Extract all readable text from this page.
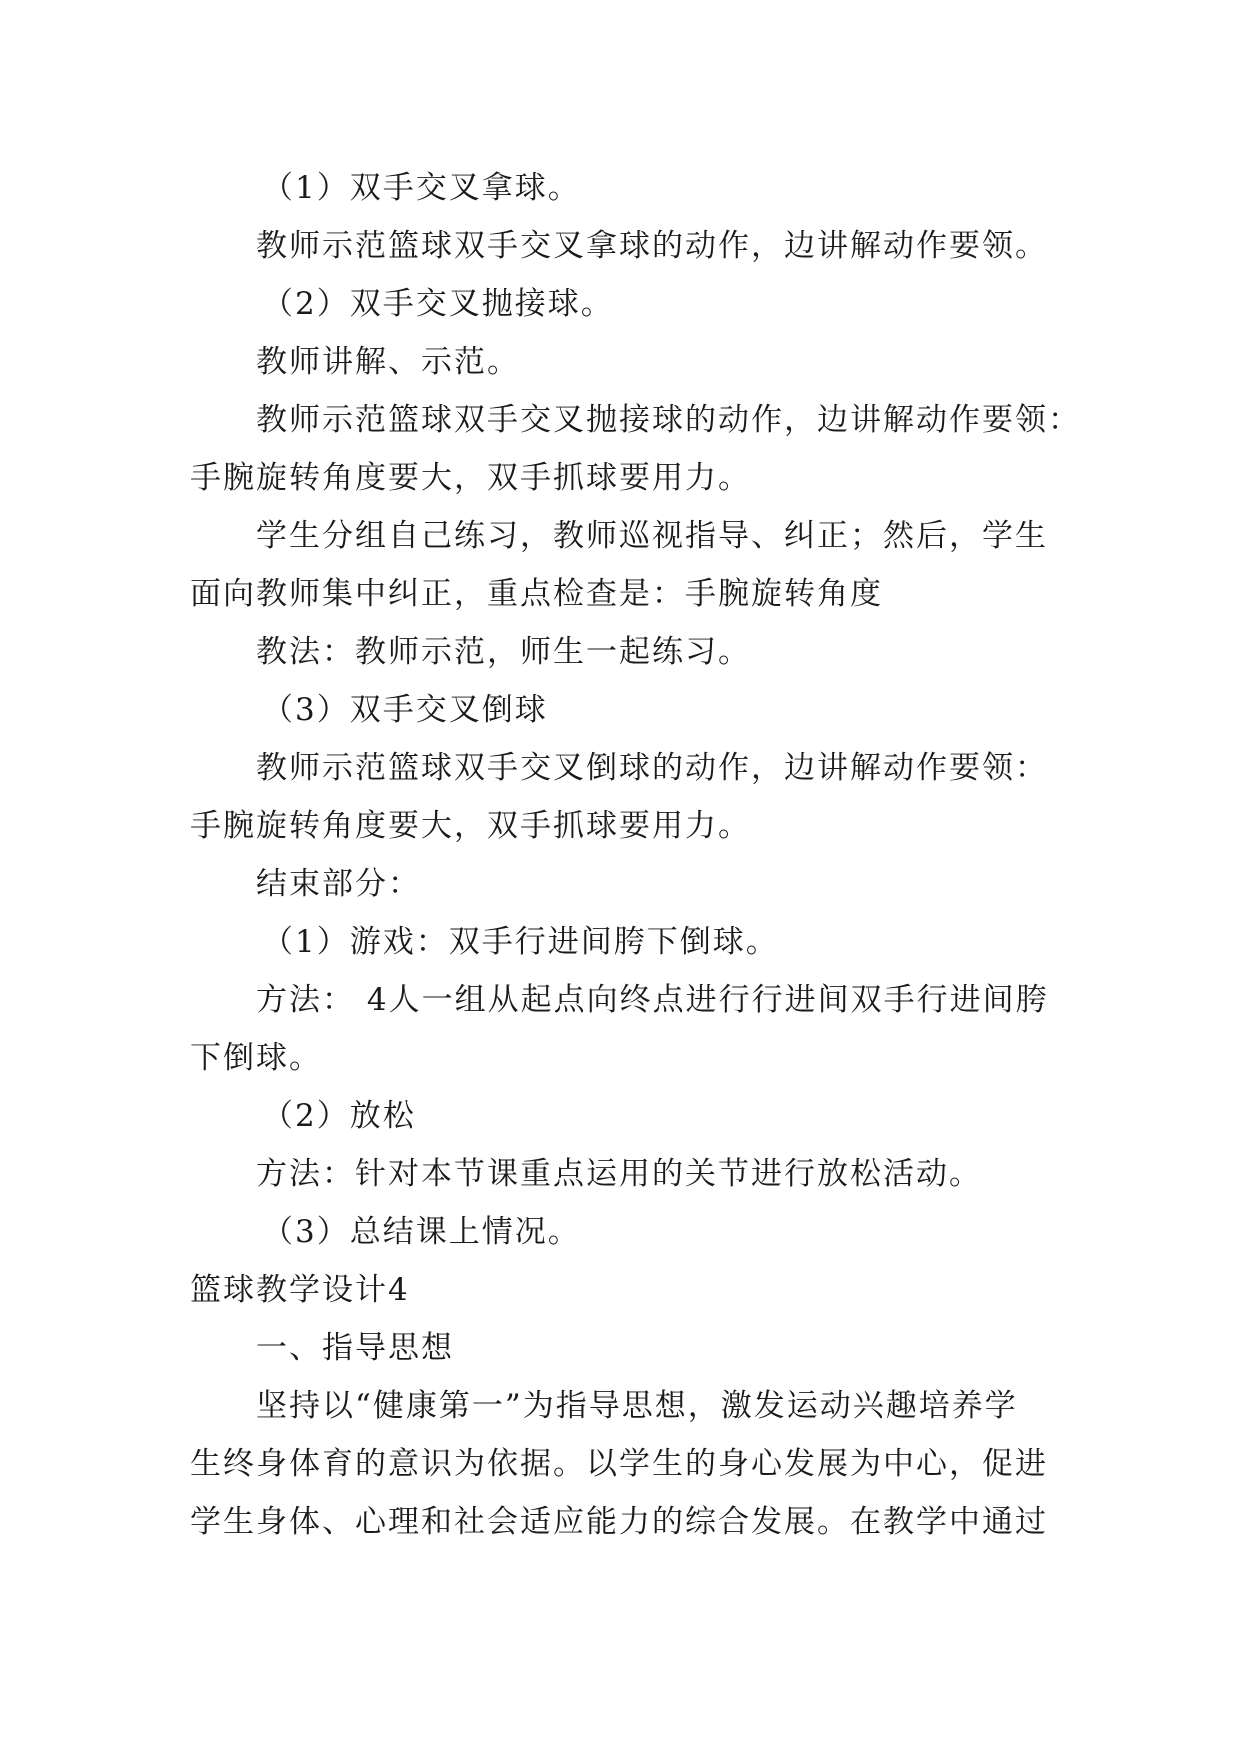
（1）双手交叉拿球。
教师示范篮球双手交叉拿球的动作，边讲解动作要领。
（2）双手交叉抛接球。
教师讲解、示范。
教师示范篮球双手交叉抛接球的动作，边讲解动作要领：
手腕旋转角度要大，双手抓球要用力。
学生分组自己练习，教师巡视指导、纠正；然后，学生
面向教师集中纠正，重点检查是：手腕旋转角度
教法：教师示范，师生一起练习。
（3）双手交叉倒球
教师示范篮球双手交叉倒球的动作，边讲解动作要领：
手腕旋转角度要大，双手抓球要用力。
结束部分：
（1）游戏：双手行进间胯下倒球。
方法： 4人一组从起点向终点进行行进间双手行进间胯
下倒球。
（2）放松
方法：针对本节课重点运用的关节进行放松活动。
（3）总结课上情况。
篮球教学设计4
一、指导思想
坚持以“健康第一”为指导思想，激发运动兴趣培养学
生终身体育的意识为依据。以学生的身心发展为中心，促进
学生身体、心理和社会适应能力的综合发展。在教学中通过
